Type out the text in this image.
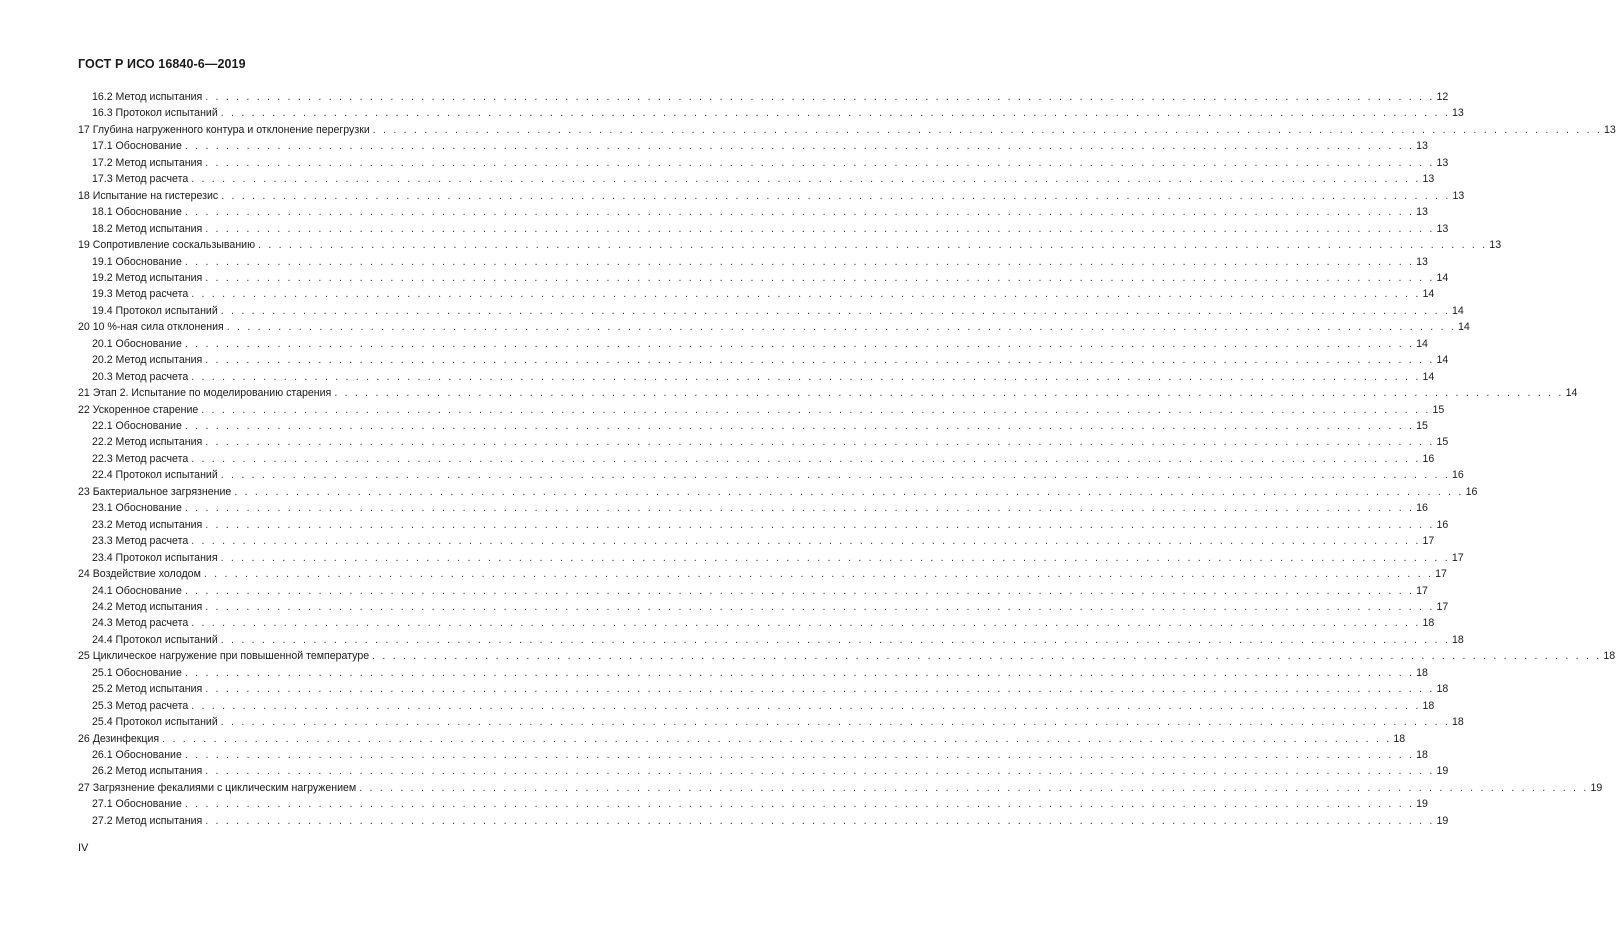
ГОСТ Р ИСО 16840-6—2019
16.2 Метод испытания . . . . . . . . . . . . . . . . . . . . . . . . . . . . . . . . . . . . . . . . . . . . . . . . . . . . . . . . . . . . . . . . . . . . . . . . . . . . . . . . . . . . . . . . . . . . . . . . . . . . . . . . . . . . . . . . . . . . . . . . 12
16.3 Протокол испытаний . . . . . . . . . . . . . . . . . . . . . . . . . . . . . . . . . . . . . . . . . . . . . . . . . . . . . . . . . . . . . . . . . . . . . . . . . . . . . . . . . . . . . . . . . . . . . . . . . . . . . . . . . . . . . . . . . . . . . . . . 13
17 Глубина нагруженного контура и отклонение перегрузки . . . . . . . . . . . . . . . . . . . . . . . . . . . . . . . . . . . . . . . . . . . . . . . . . . . . . . . . . . . . . . . . . . . . . . . . . . . . . . . . . . . . . . . . . . . . . . . . . . . . . . . . . . . . . . . . . . . . . . . . 13
17.1 Обоснование . . . . . . . . . . . . . . . . . . . . . . . . . . . . . . . . . . . . . . . . . . . . . . . . . . . . . . . . . . . . . . . . . . . . . . . . . . . . . . . . . . . . . . . . . . . . . . . . . . . . . . . . . . . . . . . . . . . . . . . . 13
17.2 Метод испытания . . . . . . . . . . . . . . . . . . . . . . . . . . . . . . . . . . . . . . . . . . . . . . . . . . . . . . . . . . . . . . . . . . . . . . . . . . . . . . . . . . . . . . . . . . . . . . . . . . . . . . . . . . . . . . . . . . . . . . . . 13
17.3 Метод расчета . . . . . . . . . . . . . . . . . . . . . . . . . . . . . . . . . . . . . . . . . . . . . . . . . . . . . . . . . . . . . . . . . . . . . . . . . . . . . . . . . . . . . . . . . . . . . . . . . . . . . . . . . . . . . . . . . . . . . . . . 13
18 Испытание на гистерезис . . . . . . . . . . . . . . . . . . . . . . . . . . . . . . . . . . . . . . . . . . . . . . . . . . . . . . . . . . . . . . . . . . . . . . . . . . . . . . . . . . . . . . . . . . . . . . . . . . . . . . . . . . . . . . . . . . . . . . . . 13
18.1 Обоснование . . . . . . . . . . . . . . . . . . . . . . . . . . . . . . . . . . . . . . . . . . . . . . . . . . . . . . . . . . . . . . . . . . . . . . . . . . . . . . . . . . . . . . . . . . . . . . . . . . . . . . . . . . . . . . . . . . . . . . . . 13
18.2 Метод испытания . . . . . . . . . . . . . . . . . . . . . . . . . . . . . . . . . . . . . . . . . . . . . . . . . . . . . . . . . . . . . . . . . . . . . . . . . . . . . . . . . . . . . . . . . . . . . . . . . . . . . . . . . . . . . . . . . . . . . . . . 13
19 Сопротивление соскальзыванию . . . . . . . . . . . . . . . . . . . . . . . . . . . . . . . . . . . . . . . . . . . . . . . . . . . . . . . . . . . . . . . . . . . . . . . . . . . . . . . . . . . . . . . . . . . . . . . . . . . . . . . . . . . . . . . . . . . . . . . . 13
19.1 Обоснование . . . . . . . . . . . . . . . . . . . . . . . . . . . . . . . . . . . . . . . . . . . . . . . . . . . . . . . . . . . . . . . . . . . . . . . . . . . . . . . . . . . . . . . . . . . . . . . . . . . . . . . . . . . . . . . . . . . . . . . . 13
19.2 Метод испытания . . . . . . . . . . . . . . . . . . . . . . . . . . . . . . . . . . . . . . . . . . . . . . . . . . . . . . . . . . . . . . . . . . . . . . . . . . . . . . . . . . . . . . . . . . . . . . . . . . . . . . . . . . . . . . . . . . . . . . . . 14
19.3 Метод расчета . . . . . . . . . . . . . . . . . . . . . . . . . . . . . . . . . . . . . . . . . . . . . . . . . . . . . . . . . . . . . . . . . . . . . . . . . . . . . . . . . . . . . . . . . . . . . . . . . . . . . . . . . . . . . . . . . . . . . . . . 14
19.4 Протокол испытаний . . . . . . . . . . . . . . . . . . . . . . . . . . . . . . . . . . . . . . . . . . . . . . . . . . . . . . . . . . . . . . . . . . . . . . . . . . . . . . . . . . . . . . . . . . . . . . . . . . . . . . . . . . . . . . . . . . . . . . . . 14
20 10 %-ная сила отклонения . . . . . . . . . . . . . . . . . . . . . . . . . . . . . . . . . . . . . . . . . . . . . . . . . . . . . . . . . . . . . . . . . . . . . . . . . . . . . . . . . . . . . . . . . . . . . . . . . . . . . . . . . . . . . . . . . . . . . . . . 14
20.1 Обоснование . . . . . . . . . . . . . . . . . . . . . . . . . . . . . . . . . . . . . . . . . . . . . . . . . . . . . . . . . . . . . . . . . . . . . . . . . . . . . . . . . . . . . . . . . . . . . . . . . . . . . . . . . . . . . . . . . . . . . . . . 14
20.2 Метод испытания . . . . . . . . . . . . . . . . . . . . . . . . . . . . . . . . . . . . . . . . . . . . . . . . . . . . . . . . . . . . . . . . . . . . . . . . . . . . . . . . . . . . . . . . . . . . . . . . . . . . . . . . . . . . . . . . . . . . . . . . 14
20.3 Метод расчета . . . . . . . . . . . . . . . . . . . . . . . . . . . . . . . . . . . . . . . . . . . . . . . . . . . . . . . . . . . . . . . . . . . . . . . . . . . . . . . . . . . . . . . . . . . . . . . . . . . . . . . . . . . . . . . . . . . . . . . . 14
21 Этап 2. Испытание по моделированию старения . . . . . . . . . . . . . . . . . . . . . . . . . . . . . . . . . . . . . . . . . . . . . . . . . . . . . . . . . . . . . . . . . . . . . . . . . . . . . . . . . . . . . . . . . . . . . . . . . . . . . . . . . . . . . . . . . . . . . . . . 14
22 Ускоренное старение . . . . . . . . . . . . . . . . . . . . . . . . . . . . . . . . . . . . . . . . . . . . . . . . . . . . . . . . . . . . . . . . . . . . . . . . . . . . . . . . . . . . . . . . . . . . . . . . . . . . . . . . . . . . . . . . . . . . . . . . 15
22.1 Обоснование . . . . . . . . . . . . . . . . . . . . . . . . . . . . . . . . . . . . . . . . . . . . . . . . . . . . . . . . . . . . . . . . . . . . . . . . . . . . . . . . . . . . . . . . . . . . . . . . . . . . . . . . . . . . . . . . . . . . . . . . 15
22.2 Метод испытания . . . . . . . . . . . . . . . . . . . . . . . . . . . . . . . . . . . . . . . . . . . . . . . . . . . . . . . . . . . . . . . . . . . . . . . . . . . . . . . . . . . . . . . . . . . . . . . . . . . . . . . . . . . . . . . . . . . . . . . . 15
22.3 Метод расчета . . . . . . . . . . . . . . . . . . . . . . . . . . . . . . . . . . . . . . . . . . . . . . . . . . . . . . . . . . . . . . . . . . . . . . . . . . . . . . . . . . . . . . . . . . . . . . . . . . . . . . . . . . . . . . . . . . . . . . . . 16
22.4 Протокол испытаний . . . . . . . . . . . . . . . . . . . . . . . . . . . . . . . . . . . . . . . . . . . . . . . . . . . . . . . . . . . . . . . . . . . . . . . . . . . . . . . . . . . . . . . . . . . . . . . . . . . . . . . . . . . . . . . . . . . . . . . . 16
23 Бактериальное загрязнение . . . . . . . . . . . . . . . . . . . . . . . . . . . . . . . . . . . . . . . . . . . . . . . . . . . . . . . . . . . . . . . . . . . . . . . . . . . . . . . . . . . . . . . . . . . . . . . . . . . . . . . . . . . . . . . . . . . . . . . . 16
23.1 Обоснование . . . . . . . . . . . . . . . . . . . . . . . . . . . . . . . . . . . . . . . . . . . . . . . . . . . . . . . . . . . . . . . . . . . . . . . . . . . . . . . . . . . . . . . . . . . . . . . . . . . . . . . . . . . . . . . . . . . . . . . . 16
23.2 Метод испытания . . . . . . . . . . . . . . . . . . . . . . . . . . . . . . . . . . . . . . . . . . . . . . . . . . . . . . . . . . . . . . . . . . . . . . . . . . . . . . . . . . . . . . . . . . . . . . . . . . . . . . . . . . . . . . . . . . . . . . . . 16
23.3 Метод расчета . . . . . . . . . . . . . . . . . . . . . . . . . . . . . . . . . . . . . . . . . . . . . . . . . . . . . . . . . . . . . . . . . . . . . . . . . . . . . . . . . . . . . . . . . . . . . . . . . . . . . . . . . . . . . . . . . . . . . . . . 17
23.4 Протокол испытания . . . . . . . . . . . . . . . . . . . . . . . . . . . . . . . . . . . . . . . . . . . . . . . . . . . . . . . . . . . . . . . . . . . . . . . . . . . . . . . . . . . . . . . . . . . . . . . . . . . . . . . . . . . . . . . . . . . . . . . . 17
24 Воздействие холодом . . . . . . . . . . . . . . . . . . . . . . . . . . . . . . . . . . . . . . . . . . . . . . . . . . . . . . . . . . . . . . . . . . . . . . . . . . . . . . . . . . . . . . . . . . . . . . . . . . . . . . . . . . . . . . . . . . . . . . . . 17
24.1 Обоснование . . . . . . . . . . . . . . . . . . . . . . . . . . . . . . . . . . . . . . . . . . . . . . . . . . . . . . . . . . . . . . . . . . . . . . . . . . . . . . . . . . . . . . . . . . . . . . . . . . . . . . . . . . . . . . . . . . . . . . . . 17
24.2 Метод испытания . . . . . . . . . . . . . . . . . . . . . . . . . . . . . . . . . . . . . . . . . . . . . . . . . . . . . . . . . . . . . . . . . . . . . . . . . . . . . . . . . . . . . . . . . . . . . . . . . . . . . . . . . . . . . . . . . . . . . . . . 17
24.3 Метод расчета . . . . . . . . . . . . . . . . . . . . . . . . . . . . . . . . . . . . . . . . . . . . . . . . . . . . . . . . . . . . . . . . . . . . . . . . . . . . . . . . . . . . . . . . . . . . . . . . . . . . . . . . . . . . . . . . . . . . . . . . 18
24.4 Протокол испытаний . . . . . . . . . . . . . . . . . . . . . . . . . . . . . . . . . . . . . . . . . . . . . . . . . . . . . . . . . . . . . . . . . . . . . . . . . . . . . . . . . . . . . . . . . . . . . . . . . . . . . . . . . . . . . . . . . . . . . . . . 18
25 Циклическое нагружение при повышенной температуре . . . . . . . . . . . . . . . . . . . . . . . . . . . . . . . . . . . . . . . . . . . . . . . . . . . . . . . . . . . . . . . . . . . . . . . . . . . . . . . . . . . . . . . . . . . . . . . . . . . . . . . . . . . . . . . . . . . . . . . . 18
25.1 Обоснование . . . . . . . . . . . . . . . . . . . . . . . . . . . . . . . . . . . . . . . . . . . . . . . . . . . . . . . . . . . . . . . . . . . . . . . . . . . . . . . . . . . . . . . . . . . . . . . . . . . . . . . . . . . . . . . . . . . . . . . . 18
25.2 Метод испытания . . . . . . . . . . . . . . . . . . . . . . . . . . . . . . . . . . . . . . . . . . . . . . . . . . . . . . . . . . . . . . . . . . . . . . . . . . . . . . . . . . . . . . . . . . . . . . . . . . . . . . . . . . . . . . . . . . . . . . . . 18
25.3 Метод расчета . . . . . . . . . . . . . . . . . . . . . . . . . . . . . . . . . . . . . . . . . . . . . . . . . . . . . . . . . . . . . . . . . . . . . . . . . . . . . . . . . . . . . . . . . . . . . . . . . . . . . . . . . . . . . . . . . . . . . . . . 18
25.4 Протокол испытаний . . . . . . . . . . . . . . . . . . . . . . . . . . . . . . . . . . . . . . . . . . . . . . . . . . . . . . . . . . . . . . . . . . . . . . . . . . . . . . . . . . . . . . . . . . . . . . . . . . . . . . . . . . . . . . . . . . . . . . . . 18
26 Дезинфекция . . . . . . . . . . . . . . . . . . . . . . . . . . . . . . . . . . . . . . . . . . . . . . . . . . . . . . . . . . . . . . . . . . . . . . . . . . . . . . . . . . . . . . . . . . . . . . . . . . . . . . . . . . . . . . . . . . . . . . . . 18
26.1 Обоснование . . . . . . . . . . . . . . . . . . . . . . . . . . . . . . . . . . . . . . . . . . . . . . . . . . . . . . . . . . . . . . . . . . . . . . . . . . . . . . . . . . . . . . . . . . . . . . . . . . . . . . . . . . . . . . . . . . . . . . . . 18
26.2 Метод испытания . . . . . . . . . . . . . . . . . . . . . . . . . . . . . . . . . . . . . . . . . . . . . . . . . . . . . . . . . . . . . . . . . . . . . . . . . . . . . . . . . . . . . . . . . . . . . . . . . . . . . . . . . . . . . . . . . . . . . . . . 19
27 Загрязнение фекалиями с циклическим нагружением . . . . . . . . . . . . . . . . . . . . . . . . . . . . . . . . . . . . . . . . . . . . . . . . . . . . . . . . . . . . . . . . . . . . . . . . . . . . . . . . . . . . . . . . . . . . . . . . . . . . . . . . . . . . . . . . . . . . . . . . 19
27.1 Обоснование . . . . . . . . . . . . . . . . . . . . . . . . . . . . . . . . . . . . . . . . . . . . . . . . . . . . . . . . . . . . . . . . . . . . . . . . . . . . . . . . . . . . . . . . . . . . . . . . . . . . . . . . . . . . . . . . . . . . . . . . 19
27.2 Метод испытания . . . . . . . . . . . . . . . . . . . . . . . . . . . . . . . . . . . . . . . . . . . . . . . . . . . . . . . . . . . . . . . . . . . . . . . . . . . . . . . . . . . . . . . . . . . . . . . . . . . . . . . . . . . . . . . . . . . . . . . . 19
IV
